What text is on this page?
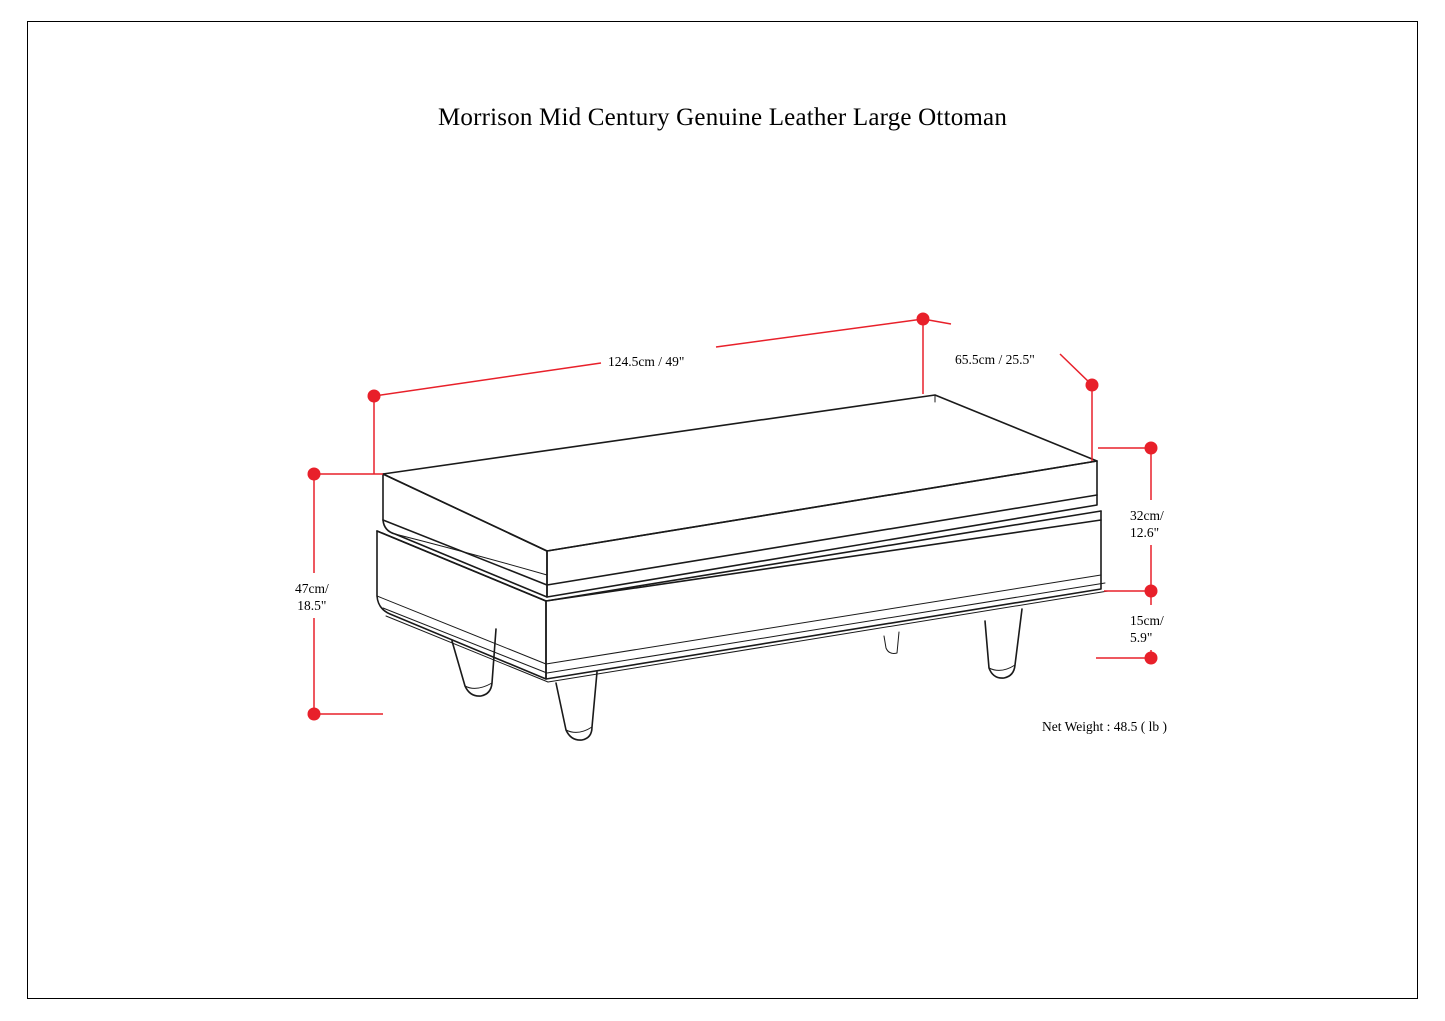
Morrison Mid Century Genuine Leather Large Ottoman
124.5cm / 49"	65.5cm / 25.5"
47cm/
18.5"
32cm/
12.6"
15cm/
5.9"
Net Weight : 48.5 ( lb )
